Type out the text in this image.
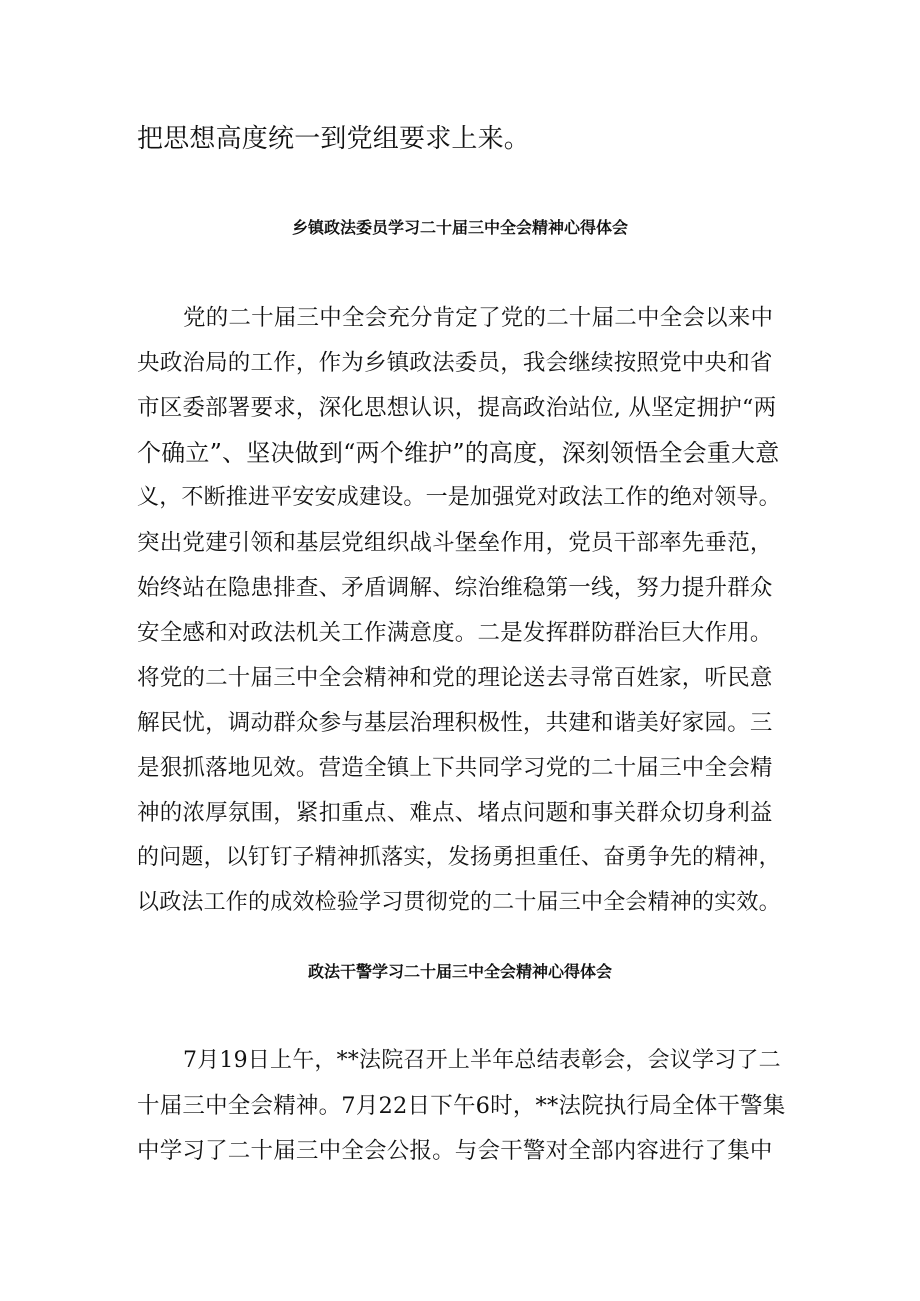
把思想高度统一到党组要求上来。
乡镇政法委员学习二十届三中全会精神心得体会
党的二十届三中全会充分肯定了党的二十届二中全会以来中
央政治局的工作，作为乡镇政法委员，我会继续按照党中央和省
市区委部署要求，深化思想认识，提高政治站位, 从坚定拥护“两
个确立”、坚决做到“两个维护”的高度，深刻领悟全会重大意
义，不断推进平安安成建设。一是加强党对政法工作的绝对领导。
突出党建引领和基层党组织战斗堡垒作用，党员干部率先垂范，
始终站在隐患排查、矛盾调解、综治维稳第一线，努力提升群众
安全感和对政法机关工作满意度。二是发挥群防群治巨大作用。
将党的二十届三中全会精神和党的理论送去寻常百姓家，听民意
解民忧，调动群众参与基层治理积极性，共建和谐美好家园。三
是狠抓落地见效。营造全镇上下共同学习党的二十届三中全会精
神的浓厚氛围，紧扣重点、难点、堵点问题和事关群众切身利益
的问题，以钉钉子精神抓落实，发扬勇担重任、奋勇争先的精神，
以政法工作的成效检验学习贯彻党的二十届三中全会精神的实效。
政法干警学习二十届三中全会精神心得体会
7月19日上午，**法院召开上半年总结表彰会，会议学习了二
十届三中全会精神。7月22日下午6时，**法院执行局全体干警集
中学习了二十届三中全会公报。与会干警对全部内容进行了集中
